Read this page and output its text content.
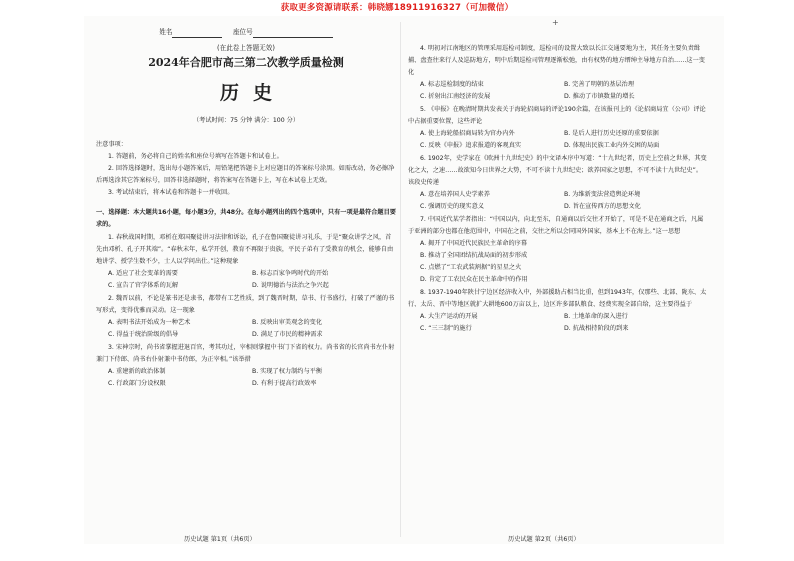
获取更多资源请联系：韩晓娜18911916327（可加微信）
+
姓名	座位号
(在此卷上答题无效)
2024年合肥市高三第二次教学质量检测
历史
（考试时间：75 分钟 满分：100 分）
注意事项：
1. 答题前，务必将自己的姓名和座位号填写在答题卡和试卷上。
2. 回答选择题时，选出每小题答案后，用铅笔把答题卡上对应题目的答案标号涂黑。如需改动，务必擦净后再选涂其它答案标号，回答非选择题时，将答案写在答题卡上，写在本试卷上无效。
3. 考试结束后，将本试卷和答题卡一并收回。
一、选择题：本大题共16小题，每小题3分，共48分。在每小题列出的四个选项中，只有一项是最符合题目要求的。
1. 春秋战国时期，邓析在郑国聚徒讲习法律和诉讼，孔子在鲁国聚徒讲习礼乐，于是“聚众讲学之风，首先由邓析、孔子开其端”。“春秋末年，私学开创，教育不再限于贵族，平民子弟有了受教育的机会，能够自由地讲学、授学生数不少，士人以学问出仕。”这种现象
A. 适应了社会变革的需要	B. 标志百家争鸣时代的开始
C. 宣告了官学体系的瓦解	D. 说明德治与法治之争兴起
2. 魏晋以前，不论是篆书还是隶书，都带有工艺性质，到了魏晋时期，草书、行书盛行，打破了严谨的书写形式，变得优雅而灵动。这一现象
A. 表明书法开始成为一种艺术	B. 反映出审美观念的变化
C. 得益于统治阶级的倡导	D. 满足了市民的精神需求
3. 宋神宗时，尚书省掌握进退百官，考其功过，宰相则掌握中书门下省的权力。尚书省的长官尚书左仆射兼门下侍郎、尚书右仆射兼中书侍郎，为正宰相。”该举措
A. 重建新的政治体制	B. 实现了权力制约与平衡
C. 行政部门分设权限	D. 有利于提高行政效率
历史试题 第1页（共6页）
4. 明初对江南地区的管理采用巡检司制度，巡检司的设置大致以长江交通要地为主，其任务主要负责缉捕、盘查往来行人及巡防地方，明中后期巡检司管理逐渐松弛，由有权势的地方缙绅主导地方自治……这一变化
A. 标志巡检制度的结束	B. 完善了明朝的基层治理
C. 折射出江南经济的发展	D. 推动了市镇数量的增长
5. 《申报》在晚清时期共发表关于海轮招商局的评论190余篇，在该报刊上的《论招商局宜（公司）评论中占据重要位置，这些评论
A. 使上海轮船招商局转为官办内外	B. 是后人进行历史还原的重要依据
C. 反映《申报》追求报道的客观真实	D. 体现出民族工业内外交困的局面
6. 1902年，史学家在《欧洲十九世纪史》的中文译本序中写道：“十九世纪者，历史上空前之世界，其变化之大，之速……故欲知今日世界之大势，不可不读十九世纪史；欲养国家之思想，不可不读十九世纪史”。该段史传递
A. 意在培养国人史学素养	B. 为维新变法营造舆论环境
C. 强调历史的现实意义	D. 旨在宣传西方的思想文化
7. 中国近代某学者指出：“中国以内，向北至东，自通商以后交往才开始了，可是不是在通商之后，凡属于亚洲的部分也都在他范围中，中国在之前，交往之所以会同国外国家，基本上不在海上。”这一思想
A. 揭开了中国近代民族民主革命的序幕
B. 推动了全国团结抗战局面的初步形成
C. 点燃了“工农武装割据”的星星之火
D. 肯定了工农民众在民主革命中的作用
8. 1937-1940年陕甘宁边区经济收入中，外部援助占相当比重，但到1943年，仅那些、北部、陇东、太行、太岳、晋中等地区就扩大耕地600万亩以上，边区许多部队粮食、经费实现全部自给，这主要得益于
A. 大生产运动的开展	B. 土地革命的深入进行
C. “三三制”的施行	D. 抗战相持阶段的到来
历史试题 第2页（共6页）
